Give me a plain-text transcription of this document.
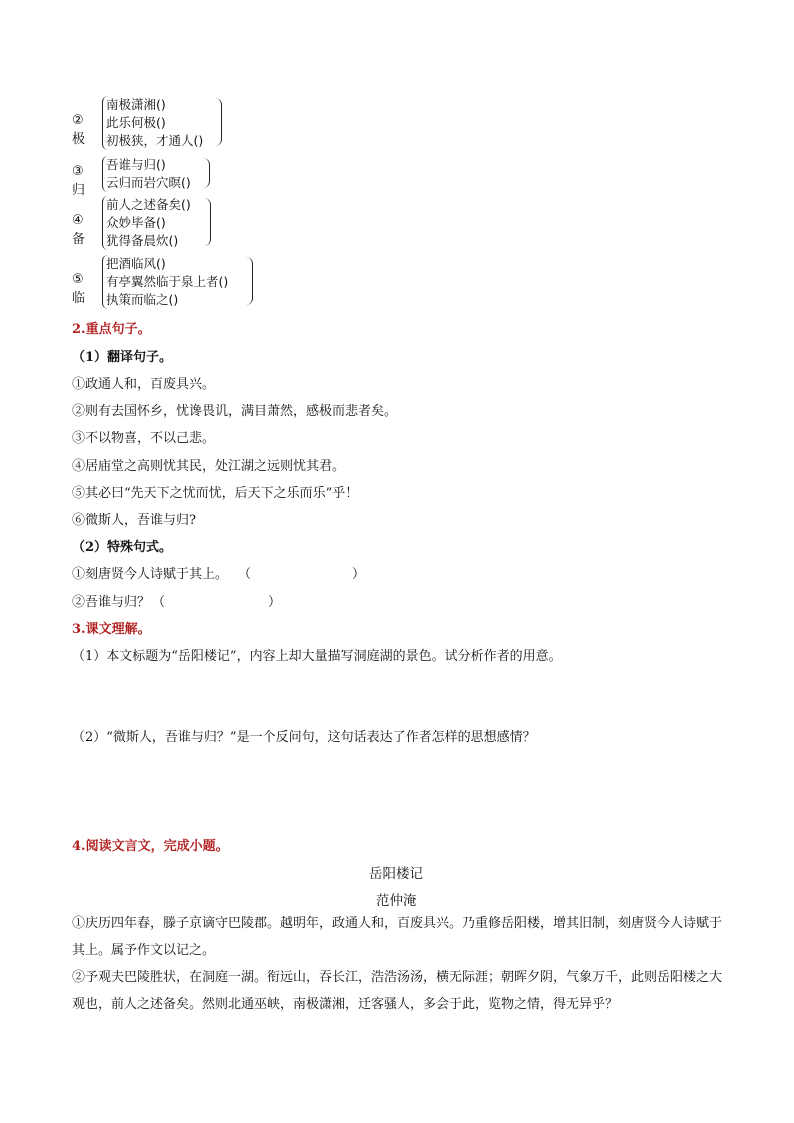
②极
南极潇湘()
此乐何极()
初极狭，才通人()
③归
吾谁与归()
云归而岩穴暝()
④备
前人之述备矣()
众妙毕备()
犹得备晨炊()
⑤临
把酒临风()
有亭翼然临于泉上者()
执策而临之()
2.重点句子。
（1）翻译句子。
①政通人和，百废具兴。
②则有去国怀乡，忧谗畏讥，满目萧然，感极而悲者矣。
③不以物喜，不以己悲。
④居庙堂之高则忧其民，处江湖之远则忧其君。
⑤其必曰“先天下之忧而忧，后天下之乐而乐”乎！
⑥微斯人，吾谁与归?
（2）特殊句式。
①刻唐贤今人诗赋于其上。 （	）
②吾谁与归？ （	）
3.课文理解。
（1）本文标题为“岳阳楼记”，内容上却大量描写洞庭湖的景色。试分析作者的用意。
（2）“微斯人，吾谁与归？”是一个反问句，这句话表达了作者怎样的思想感情？
4.阅读文言文，完成小题。
岳阳楼记
范仲淹

①庆历四年春，滕子京谪守巴陵郡。越明年，政通人和，百废具兴。乃重修岳阳楼，增其旧制，刻唐贤今人诗赋于其上。属予作文以记之。

②予观夫巴陵胜状，在洞庭一湖。衔远山，吞长江，浩浩汤汤，横无际涯；朝晖夕阴，气象万千，此则岳阳楼之大观也，前人之述备矣。然则北通巫峡，南极潇湘，迁客骚人，多会于此，览物之情，得无异乎？
